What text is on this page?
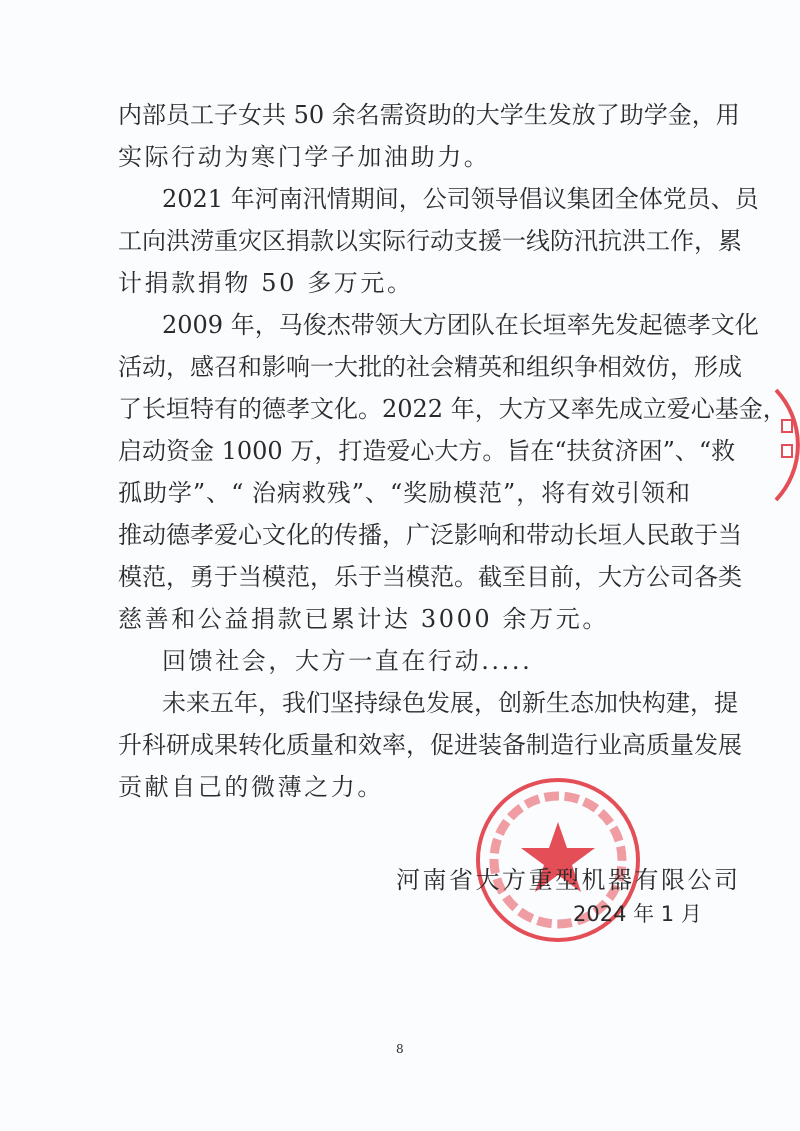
内部员工子女共 50 余名需资助的大学生发放了助学金，用
实际行动为寒门学子加油助力。
2021 年河南汛情期间，公司领导倡议集团全体党员、员
工向洪涝重灾区捐款以实际行动支援一线防汛抗洪工作，累
计捐款捐物 50 多万元。
2009 年，马俊杰带领大方团队在长垣率先发起德孝文化
活动，感召和影响一大批的社会精英和组织争相效仿，形成
了长垣特有的德孝文化。2022 年，大方又率先成立爱心基金，
启动资金 1000 万，打造爱心大方。旨在“扶贫济困”、“救
孤助学”、“ 治病救残”、“奖励模范”，将有效引领和
推动德孝爱心文化的传播，广泛影响和带动长垣人民敢于当
模范，勇于当模范，乐于当模范。截至目前，大方公司各类
慈善和公益捐款已累计达 3000 余万元。
回馈社会，大方一直在行动.....
未来五年，我们坚持绿色发展，创新生态加快构建，提
升科研成果转化质量和效率，促进装备制造行业高质量发展
贡献自己的微薄之力。
河南省大方重型机器有限公司
2024 年 1 月
8
